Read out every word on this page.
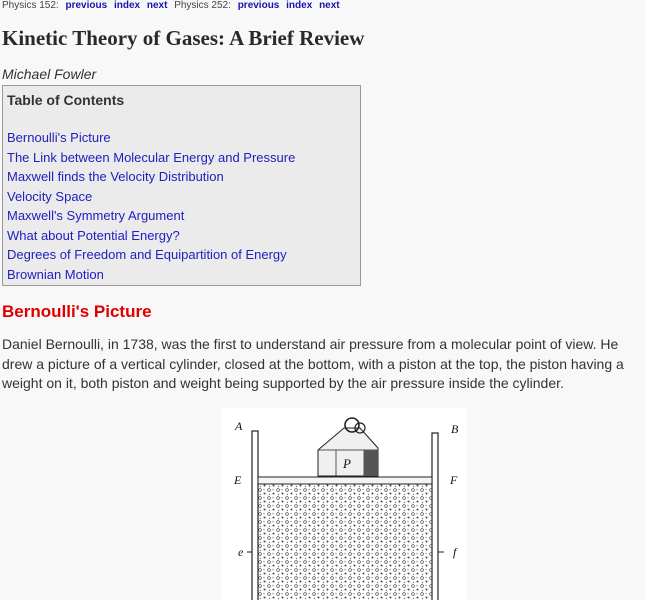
Physics 152: previous index next Physics 252: previous index next
Kinetic Theory of Gases: A Brief Review
Michael Fowler
Table of Contents
Bernoulli's Picture
The Link between Molecular Energy and Pressure
Maxwell finds the Velocity Distribution
Velocity Space
Maxwell's Symmetry Argument
What about Potential Energy?
Degrees of Freedom and Equipartition of Energy
Brownian Motion
Bernoulli's Picture

Daniel Bernoulli, in 1738, was the first to understand air pressure from a molecular point of view. He drew a picture of a vertical cylinder, closed at the bottom, with a piston at the top, the piston having a weight on it, both piston and weight being supported by the air pressure inside the cylinder.

A	B
E	F
P
e	f
